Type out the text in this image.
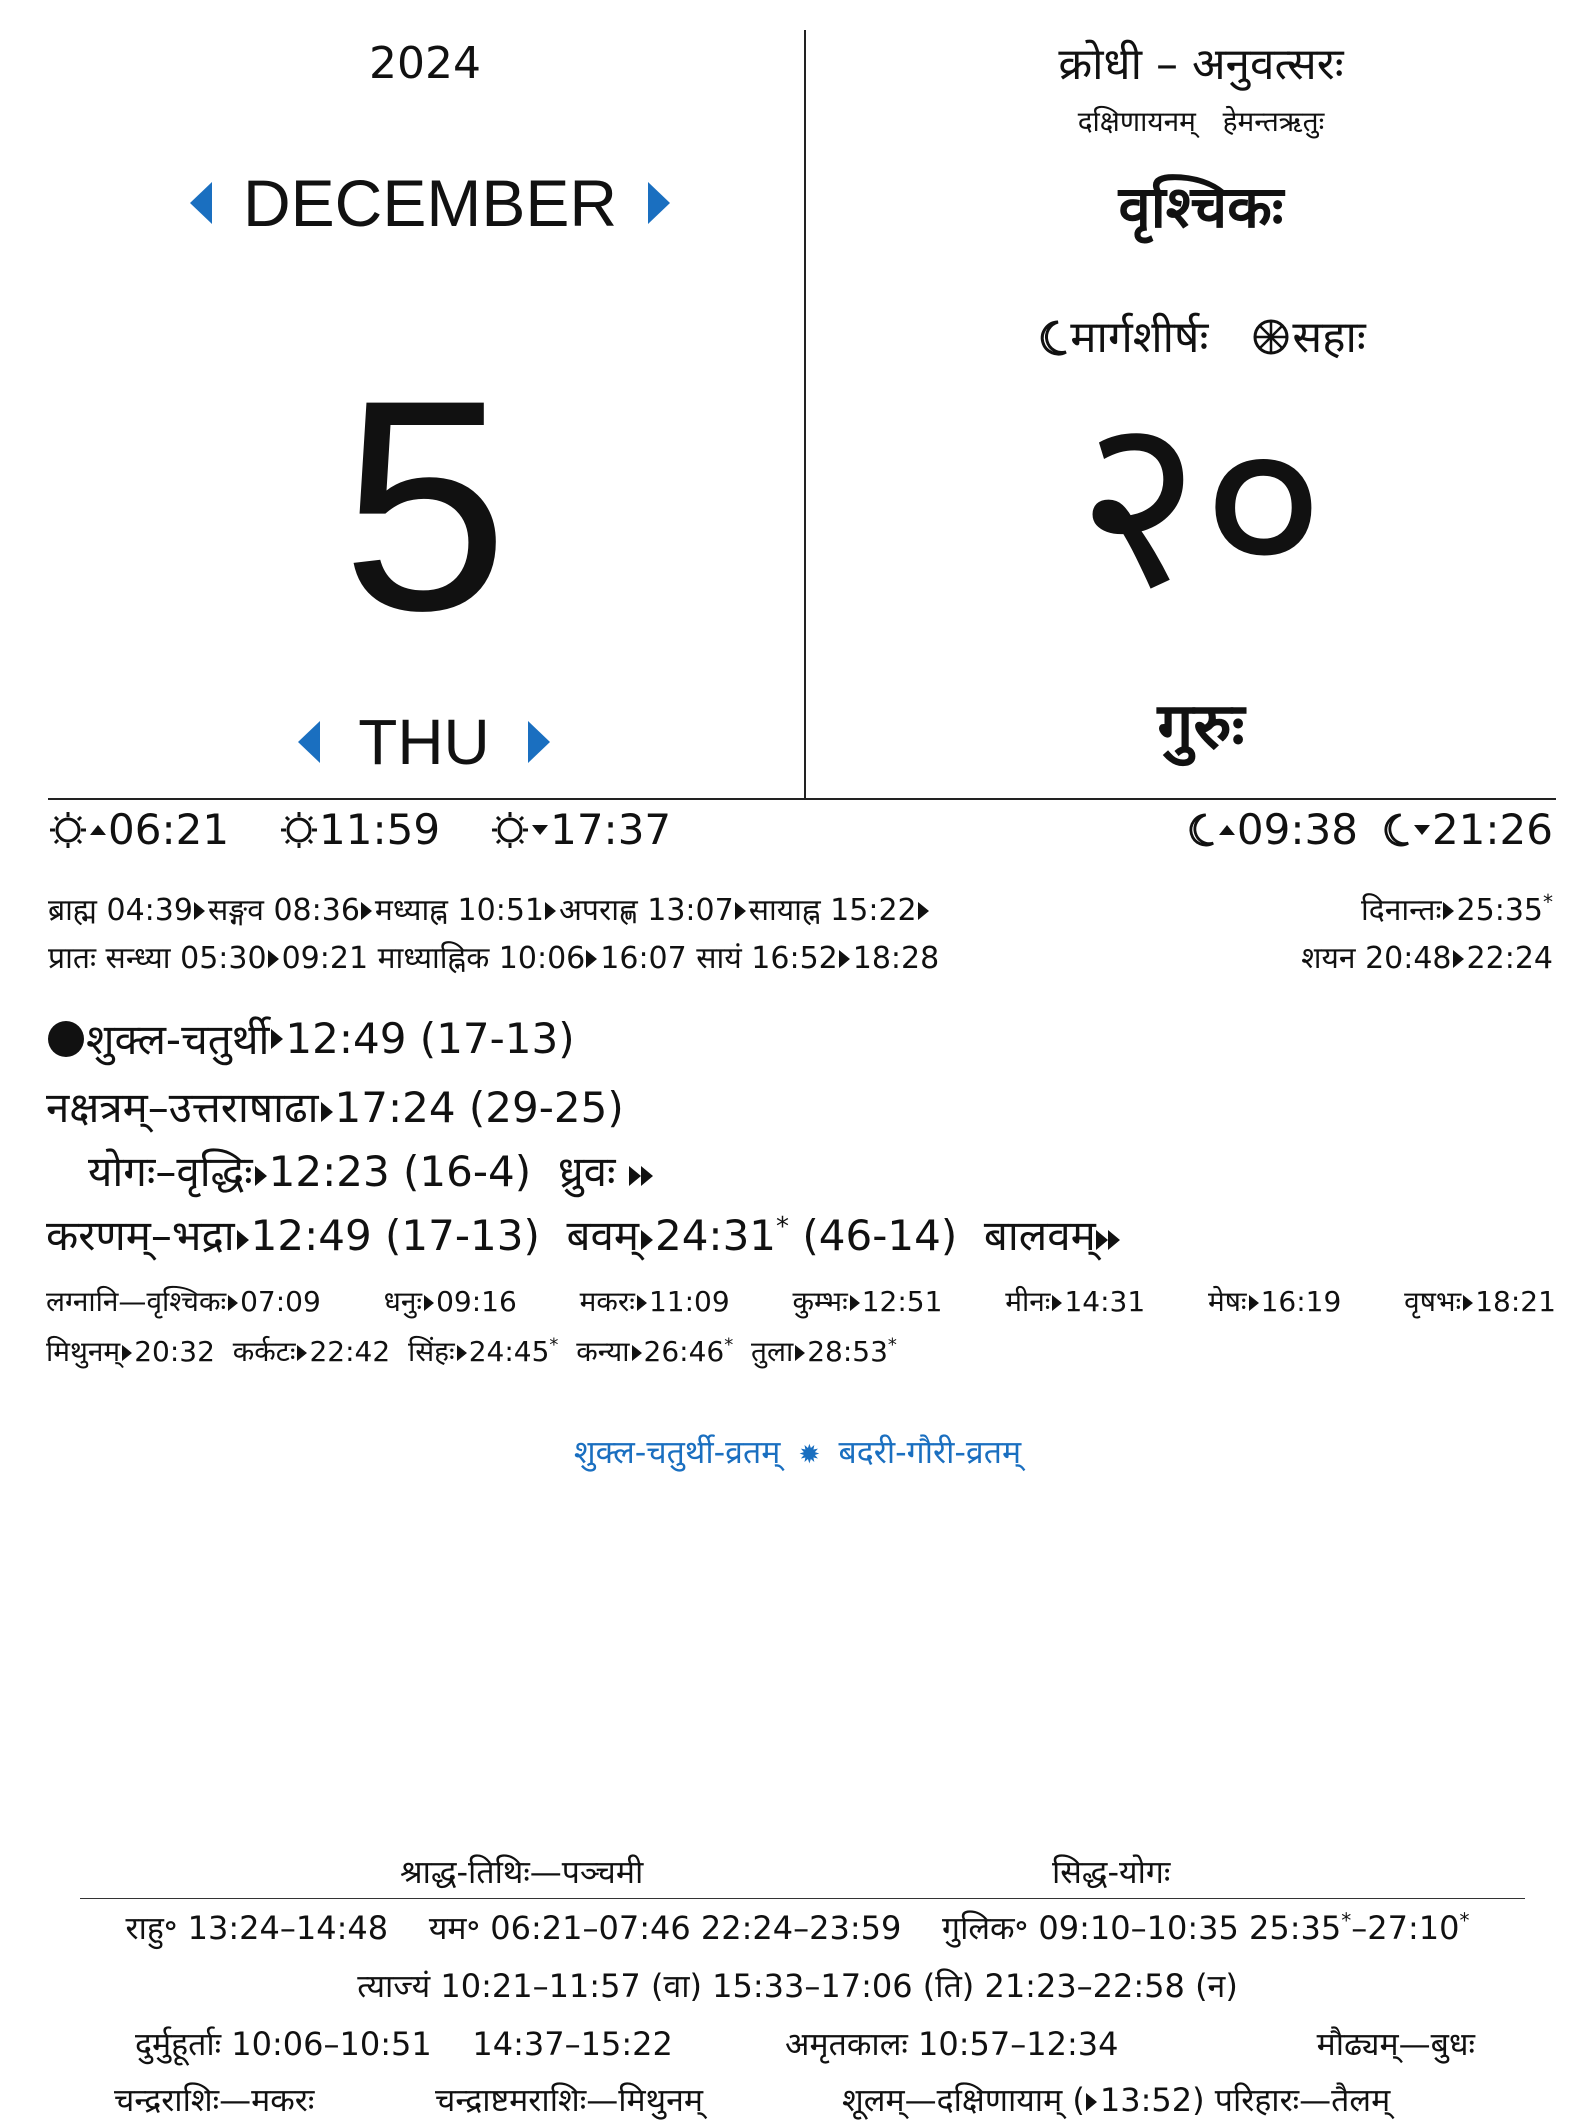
2024
DECEMBER
5
THU
क्रोधी – अनुवत्सरः
दक्षिणायनम्   हेमन्तऋतुः
वृश्चिकः
मार्गशीर्षः सहाः
२०
गुरुः
06:21 11:59	17:37	09:38 21:26
ब्राह्म 04:39 सङ्गव 08:36 मध्याह्न 10:51 अपराह्ण 13:07 सायाह्न 15:22	दिनान्तः 25:35*
प्रातः सन्ध्या 05:30 09:21 माध्याह्निक 10:06 16:07 सायं 16:52 18:28	शयन 20:48 22:24
शुक्ल-चतुर्थी 12:49 (17-13)
नक्षत्रम्–उत्तराषाढा 17:24 (29-25)
योगः–वृद्धिः 12:23 (16-4) ध्रुवः
करणम्–भद्रा 12:49 (17-13) बवम् 24:31* (46-14) बालवम्
लग्नानि—वृश्चिकः 07:09 धनुः 09:16 मकरः 11:09 कुम्भः 12:51 मीनः 14:31 मेषः 16:19 वृषभः 18:21
मिथुनम् 20:32 कर्कटः 22:42 सिंहः 24:45* कन्या 26:46* तुला 28:53*
शुक्ल-चतुर्थी-व्रतम् ✹ बदरी-गौरी-व्रतम्
श्राद्ध-तिथिः—पञ्चमी	सिद्ध-योगः
राहु॰ 13:24–14:48 यम॰ 06:21–07:46 22:24–23:59 गुलिक॰ 09:10–10:35 25:35*–27:10*
त्याज्यं 10:21–11:57 (वा) 15:33–17:06 (ति) 21:23–22:58 (न)
दुर्मुहूर्ताः 10:06–10:51    14:37–15:22	अमृतकालः 10:57–12:34	मौढ्यम्—बुधः
चन्द्रराशिः—मकरः	चन्द्राष्टमराशिः—मिथुनम्	शूलम्—दक्षिणायाम् ( 13:52) परिहारः—तैलम्
